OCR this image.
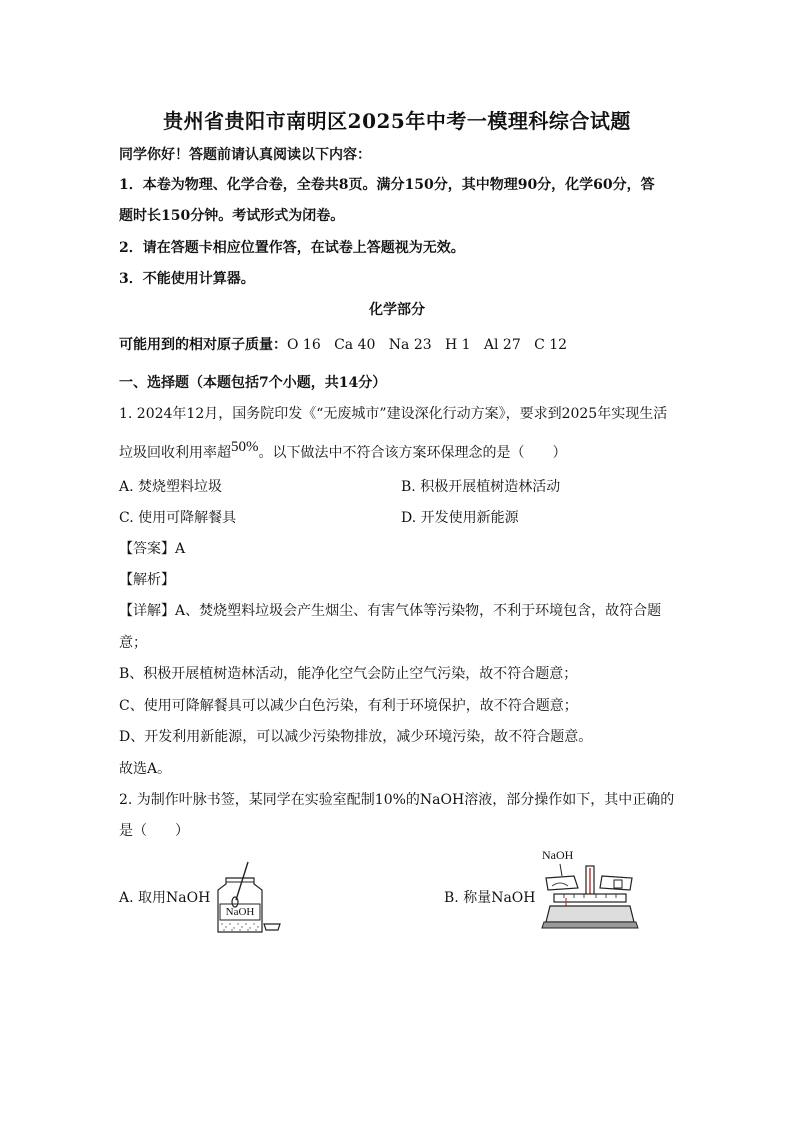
贵州省贵阳市南明区2025年中考一模理科综合试题
同学你好！答题前请认真阅读以下内容：
1．本卷为物理、化学合卷，全卷共8页。满分150分，其中物理90分，化学60分，答
题时长150分钟。考试形式为闭卷。
2．请在答题卡相应位置作答，在试卷上答题视为无效。
3．不能使用计算器。
化学部分
可能用到的相对原子质量：O 16   Ca 40   Na 23   H 1   Al 27   C 12
一、选择题（本题包括7个小题，共14分）
1. 2024年12月，国务院印发《“无废城市”建设深化行动方案》，要求到2025年实现生活
垃圾回收利用率超50%。以下做法中不符合该方案环保理念的是（　　）
A. 焚烧塑料垃圾	B. 积极开展植树造林活动
C. 使用可降解餐具	D. 开发使用新能源
【答案】A
【解析】
【详解】A、焚烧塑料垃圾会产生烟尘、有害气体等污染物，不利于环境包含，故符合题
意；
B、积极开展植树造林活动，能净化空气会防止空气污染，故不符合题意；
C、使用可降解餐具可以减少白色污染，有利于环境保护，故不符合题意；
D、开发利用新能源，可以减少污染物排放，减少环境污染，故不符合题意。
故选A。
2. 为制作叶脉书签，某同学在实验室配制10%的NaOH溶液，部分操作如下，其中正确的
是（　　）
A. 取用NaOH	B. 称量NaOH
NaOH
NaOH
